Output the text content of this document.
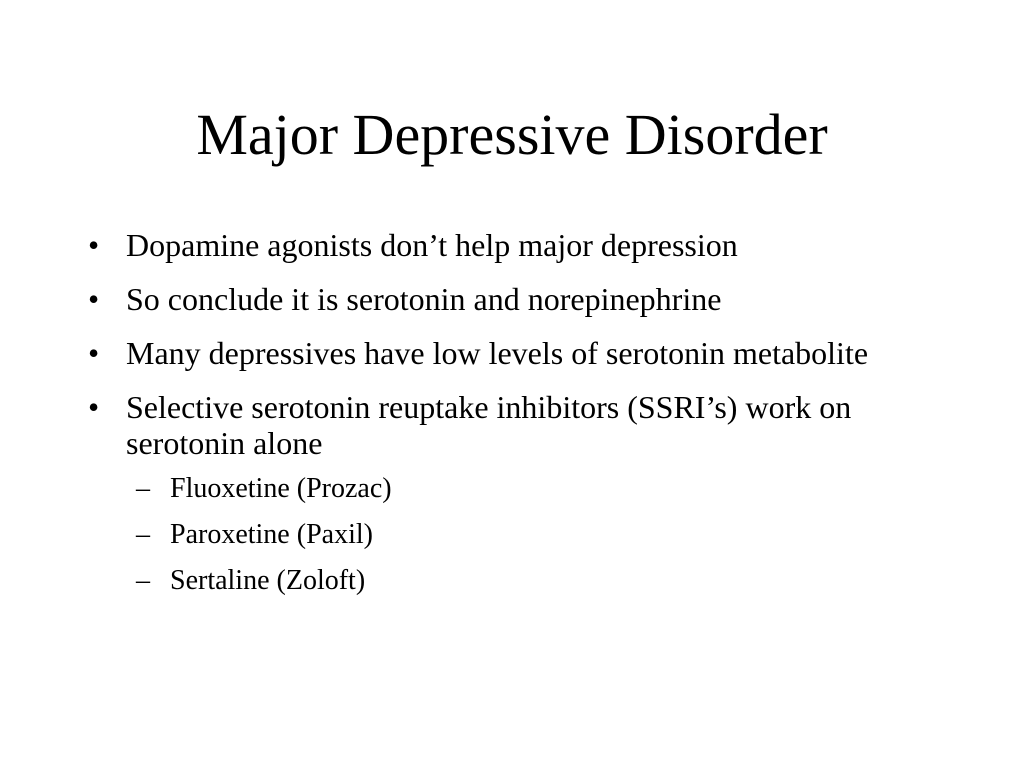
Major Depressive Disorder
• Dopamine agonists don’t help major depression
• So conclude it is serotonin and norepinephrine
• Many depressives have low levels of serotonin metabolite
• Selective serotonin reuptake inhibitors (SSRI’s) work on serotonin alone
– Fluoxetine (Prozac)
– Paroxetine (Paxil)
– Sertaline (Zoloft)
